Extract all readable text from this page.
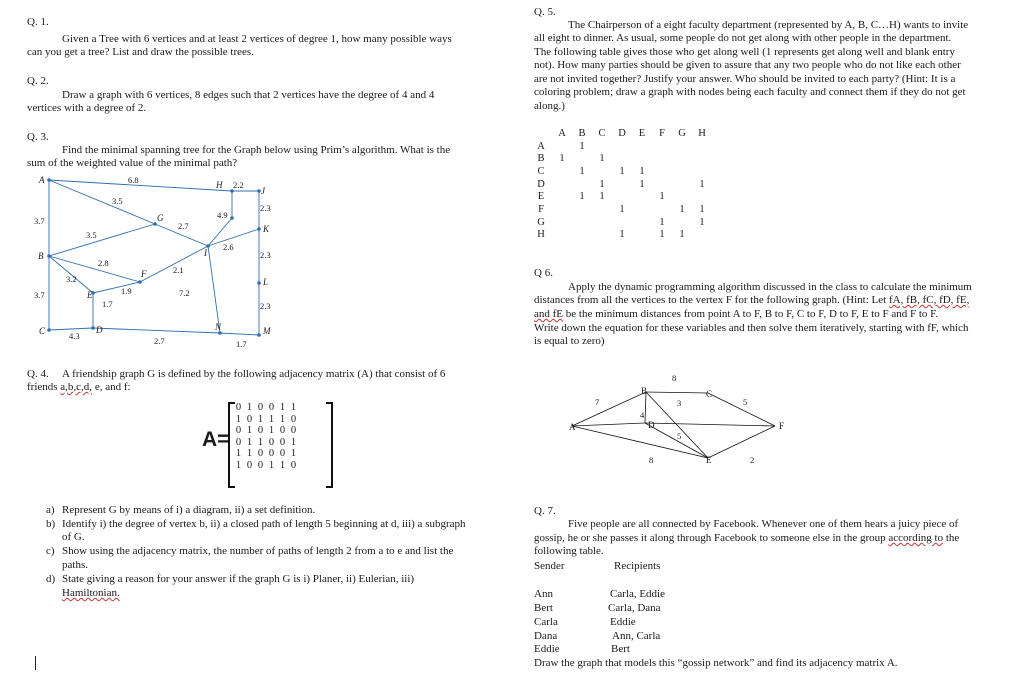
Q. 1.
Given a Tree with 6 vertices and at least 2 vertices of degree 1, how many possible ways
can you get a tree? List and draw the possible trees.
Q. 2.
Draw a graph with 6 vertices, 8 edges such that 2 vertices have the degree of 4 and 4
vertices with a degree of 2.
Q. 3.
Find the minimal spanning tree for the Graph below using Prim’s algorithm. What is the
sum of the weighted value of the minimal path?
A	H
J
G
K
I
B
F
L
E
D
C	N	M
6.8	2.2
3.5
4.9
2.3
3.7	2.7
3.5
2.6
2.3
2.8
2.1
3.2
1.9	7.2
3.7
1.7	2.3
4.3	2.7	1.7
Q. 4. A friendship graph G is defined by the following adjacency matrix (A) that consist of 6
friends a,b,c,d, e, and f:
A=
0	1	0	0	1	1
1	0	1	1	1	0
0	1	0	1	0	0
0	1	1	0	0	1
1	1	0	0	0	1
1	0	0	1	1	0
a) Represent G by means of i) a diagram, ii) a set definition.
b) Identify i) the degree of vertex b, ii) a closed path of length 5 beginning at d, iii) a subgraph
of G.
c) Show using the adjacency matrix, the number of paths of length 2 from a to e and list the
paths.
d) State giving a reason for your answer if the graph G is i) Planer, ii) Eulerian, iii)
Hamiltonian.
Q. 5.
The Chairperson of a eight faculty department (represented by A, B, C…H) wants to invite
all eight to dinner. As usual, some people do not get along with other people in the department.
The following table gives those who get along well (1 represents get along well and blank entry
not). How many parties should be given to assure that any two people who do not like each other
are not invited together? Justify your answer. Who should be invited to each party? (Hint: It is a
coloring problem; draw a graph with nodes being each faculty and connect them if they do not get
along.)
	A	B	C	D	E	F	G	H
A		1						
B	1		1					
C		1		1	1			
D			1		1			1
E		1	1			1		
F				1			1	1
G						1		1
H				1		1	1	
Q 6.
Apply the dynamic programming algorithm discussed in the class to calculate the minimum
distances from all the vertices to the vertex F for the following graph. (Hint: Let fA, fB, fC, fD, fE,
and fE be the minimum distances from point A to F, B to F, C to F, D to F, E to F and F to F.
Write down the equation for these variables and then solve them iteratively, starting with fF, which
is equal to zero)
A
B	C
D
E
F
8
7	3	5
4
5
8	2
Q. 7.
Five people are all connected by Facebook. Whenever one of them hears a juicy piece of
gossip, he or she passes it along through Facebook to someone else in the group according to the
following table.
Sender	Recipients
Ann	Carla, Eddie
Bert	Carla, Dana
Carla	Eddie
Dana	Ann, Carla
Eddie	Bert
Draw the graph that models this “gossip network” and find its adjacency matrix A.
